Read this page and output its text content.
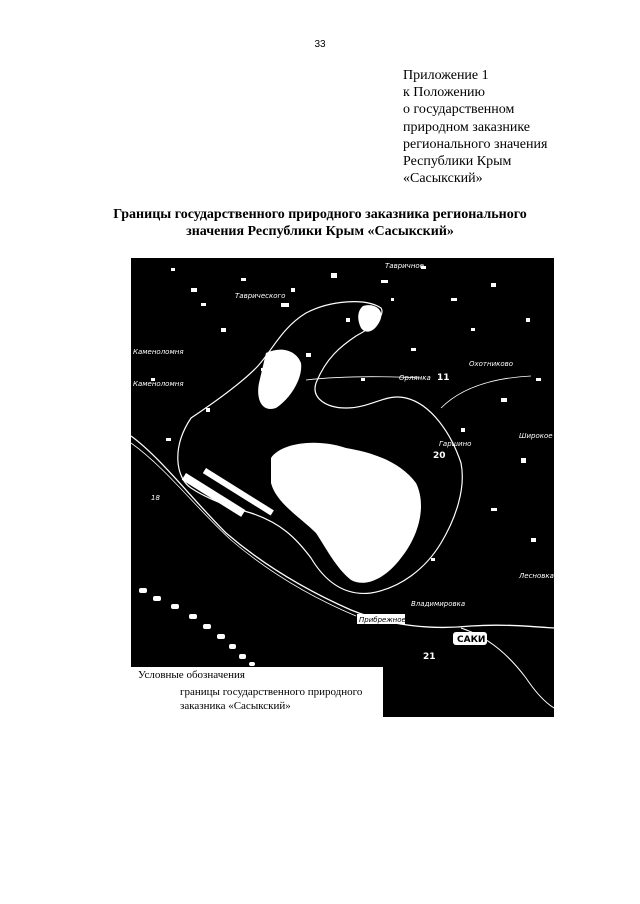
33
Приложение 1
к Положению
о государственном
природном заказнике
регионального значения
Республики Крым
«Сасыкский»
Границы государственного природного заказника регионального
значения Республики Крым «Сасыкский»
Тавричное
Таврического
Каменоломня
Каменоломня
Орлянка 11
Охотниково
Широкое
Гаршино
20
18
Лесновка
Владимировка
Прибрежное
САКИ
21
Условные обозначения
границы государственного природного
заказника «Сасыкский»
